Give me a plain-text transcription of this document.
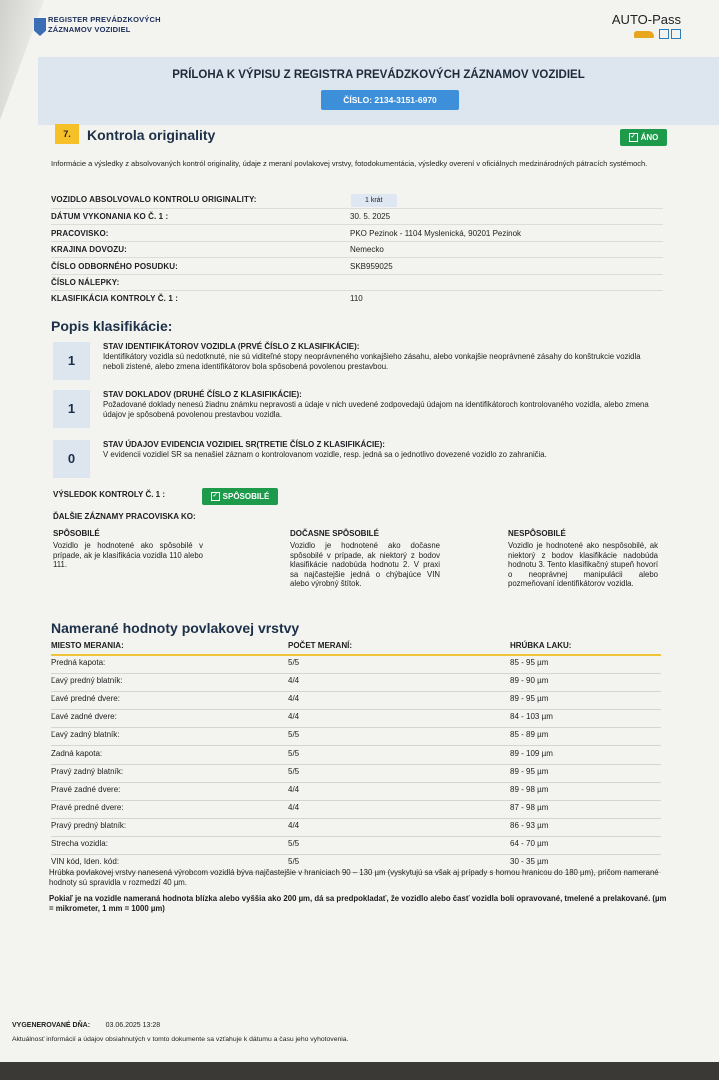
REGISTER PREVÁDZKOVÝCH
ZÁZNAMOV VOZIDIEL
AUTO-Pass
PRÍLOHA K VÝPISU Z REGISTRA PREVÁDZKOVÝCH ZÁZNAMOV VOZIDIEL
ČÍSLO: 2134-3151-6970
7.	Kontrola originality	✓ ÁNO
Informácie a výsledky z absolvovaných kontról originality, údaje z meraní povlakovej vrstvy, fotodokumentácia, výsledky overení v oficiálnych medzinárodných pátracích systémoch.
VOZIDLO ABSOLVOVALO KONTROLU ORIGINALITY:	1 krát
DÁTUM VYKONANIA KO Č. 1 :	30. 5. 2025
PRACOVISKO:	PKO Pezinok - 1104 Myslenická, 90201 Pezinok
KRAJINA DOVOZU:	Nemecko
ČÍSLO ODBORNÉHO POSUDKU:	SKB959025
ČÍSLO NÁLEPKY:
KLASIFIKÁCIA KONTROLY Č. 1 :	110
Popis klasifikácie:
1
STAV IDENTIFIKÁTOROV VOZIDLA (PRVÉ ČÍSLO Z KLASIFIKÁCIE):
Identifikátory vozidla sú nedotknuté, nie sú viditeľné stopy neoprávneného vonkajšieho zásahu, alebo vonkajšie neoprávnené zásahy do konštrukcie vozidla neboli zistené, alebo zmena identifikátorov bola spôsobená povolenou prestavbou.
1
STAV DOKLADOV (DRUHÉ ČÍSLO Z KLASIFIKÁCIE):
Požadované doklady nenesú žiadnu známku nepravosti a údaje v nich uvedené zodpovedajú údajom na identifikátoroch kontrolovaného vozidla, alebo zmena údajov je spôsobená povolenou prestavbou vozidla.
0
STAV ÚDAJOV EVIDENCIA VOZIDIEL SR(TRETIE ČÍSLO Z KLASIFIKÁCIE):
V evidencii vozidiel SR sa nenašiel záznam o kontrolovanom vozidle, resp. jedná sa o jednotlivo dovezené vozidlo zo zahraničia.
VÝSLEDOK KONTROLY Č. 1 :	✓ SPÔSOBILÉ
ĎALŠIE ZÁZNAMY PRACOVISKA KO:
SPÔSOBILÉ
Vozidlo je hodnotené ako spôsobilé v prípade, ak je klasifikácia vozidla 110 alebo 111.
DOČASNE SPÔSOBILÉ
Vozidlo je hodnotené ako dočasne spôsobilé v prípade, ak niektorý z bodov klasifikácie nadobúda hodnotu 2. V praxi sa najčastejšie jedná o chýbajúce VIN alebo výrobný štítok.
NESPÔSOBILÉ
Vozidlo je hodnotené ako nespôsobilé, ak niektorý z bodov klasifikácie nadobúda hodnotu 3. Tento klasifikačný stupeň hovorí o neoprávnej manipulácii alebo pozmeňovaní identifikátorov vozidla.
Namerané hodnoty povlakovej vrstvy
MIESTO MERANIA:	POČET MERANÍ:	HRÚBKA LAKU:
Predná kapota:	5/5	85 - 95 µm
Ľavý predný blatník:	4/4	89 - 90 µm
Ľavé predné dvere:	4/4	89 - 95 µm
Ľavé zadné dvere:	4/4	84 - 103 µm
Ľavý zadný blatník:	5/5	85 - 89 µm
Zadná kapota:	5/5	89 - 109 µm
Pravý zadný blatník:	5/5	89 - 95 µm
Pravé zadné dvere:	4/4	89 - 98 µm
Pravé predné dvere:	4/4	87 - 98 µm
Pravý predný blatník:	4/4	86 - 93 µm
Strecha vozidla:	5/5	64 - 70 µm
VIN kód, Iden. kód:	5/5	30 - 35 µm
Hrúbka povlakovej vrstvy nanesená výrobcom vozidlá býva najčastejšie v hraniciach 90 – 130 µm (vyskytujú sa však aj prípady s hornou hranicou do 180 µm), pričom namerané hodnoty sú spravidla v rozmedzí 40 µm.
Pokiaľ je na vozidle nameraná hodnota blízka alebo vyššia ako 200 µm, dá sa predpokladať, že vozidlo alebo časť vozidla boli opravované, tmelené a prelakované. (µm = mikrometer, 1 mm = 1000 µm)
VYGENEROVANÉ DŇA: 03.06.2025 13:28
Aktuálnosť informácií a údajov obsiahnutých v tomto dokumente sa vzťahuje k dátumu a času jeho vyhotovenia.
